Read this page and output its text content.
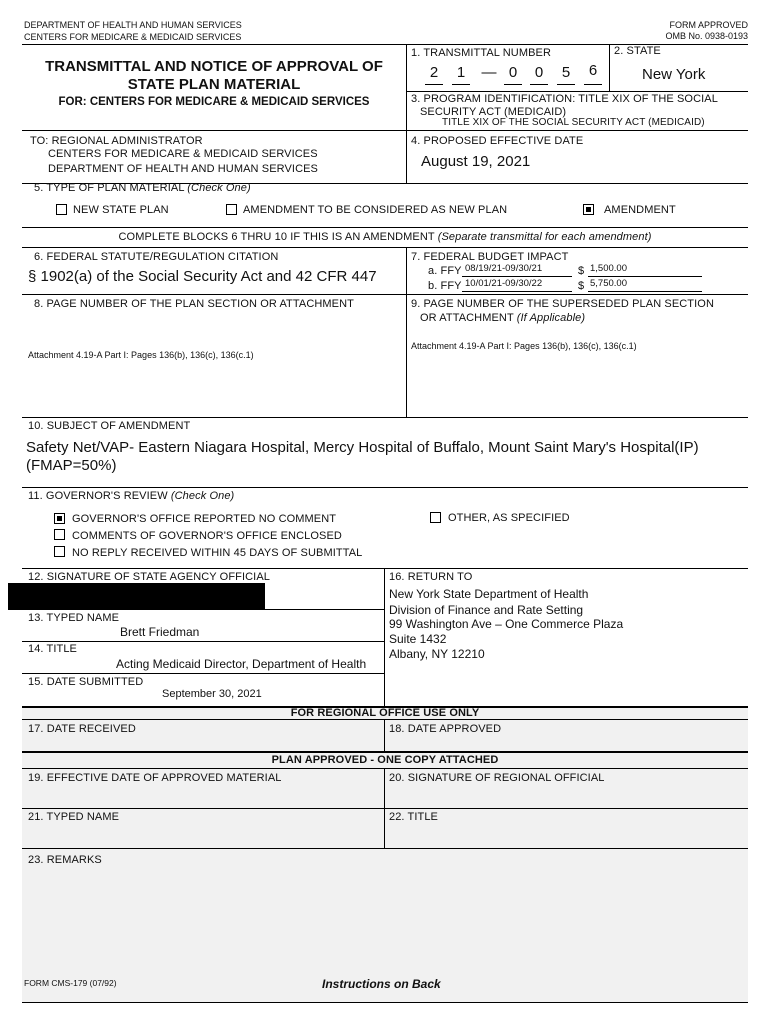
DEPARTMENT OF HEALTH AND HUMAN SERVICES
CENTERS FOR MEDICARE & MEDICAID SERVICES
FORM APPROVED
OMB No. 0938-0193
TRANSMITTAL AND NOTICE OF APPROVAL OF
STATE PLAN MATERIAL
FOR: CENTERS FOR MEDICARE & MEDICAID SERVICES
1. TRANSMITTAL NUMBER
2	1	— 0	0	5	6
2. STATE
New York
3. PROGRAM IDENTIFICATION: TITLE XIX OF THE SOCIAL
SECURITY ACT (MEDICAID)
TITLE XIX OF THE SOCIAL SECURITY ACT (MEDICAID)
TO: REGIONAL ADMINISTRATOR
CENTERS FOR MEDICARE & MEDICAID SERVICES
DEPARTMENT OF HEALTH AND HUMAN SERVICES
4. PROPOSED EFFECTIVE DATE
August 19, 2021
5. TYPE OF PLAN MATERIAL (Check One)
NEW STATE PLAN	AMENDMENT TO BE CONSIDERED AS NEW PLAN	AMENDMENT
COMPLETE BLOCKS 6 THRU 10 IF THIS IS AN AMENDMENT (Separate transmittal for each amendment)
6. FEDERAL STATUTE/REGULATION CITATION
§ 1902(a) of the Social Security Act and 42 CFR 447
7. FEDERAL BUDGET IMPACT
a. FFY 08/19/21-09/30/21	$ 1,500.00
b. FFY 10/01/21-09/30/22	$ 5,750.00
8. PAGE NUMBER OF THE PLAN SECTION OR ATTACHMENT
Attachment 4.19-A Part I: Pages 136(b), 136(c), 136(c.1)
9. PAGE NUMBER OF THE SUPERSEDED PLAN SECTION
OR ATTACHMENT (If Applicable)
Attachment 4.19-A Part I: Pages 136(b), 136(c), 136(c.1)
10. SUBJECT OF AMENDMENT
Safety Net/VAP- Eastern Niagara Hospital, Mercy Hospital of Buffalo, Mount Saint Mary's Hospital(IP)
(FMAP=50%)
11. GOVERNOR'S REVIEW (Check One)
GOVERNOR'S OFFICE REPORTED NO COMMENT
COMMENTS OF GOVERNOR'S OFFICE ENCLOSED
NO REPLY RECEIVED WITHIN 45 DAYS OF SUBMITTAL
OTHER, AS SPECIFIED
12. SIGNATURE OF STATE AGENCY OFFICIAL
13. TYPED NAME
Brett Friedman
14. TITLE
Acting Medicaid Director, Department of Health
15. DATE SUBMITTED
September 30, 2021
16. RETURN TO
New York State Department of Health
Division of Finance and Rate Setting
99 Washington Ave – One Commerce Plaza
Suite 1432
Albany, NY 12210
FOR REGIONAL OFFICE USE ONLY
17. DATE RECEIVED	18. DATE APPROVED
PLAN APPROVED - ONE COPY ATTACHED
19. EFFECTIVE DATE OF APPROVED MATERIAL	20. SIGNATURE OF REGIONAL OFFICIAL
21. TYPED NAME	22. TITLE
23. REMARKS
FORM CMS-179 (07/92)	Instructions on Back
